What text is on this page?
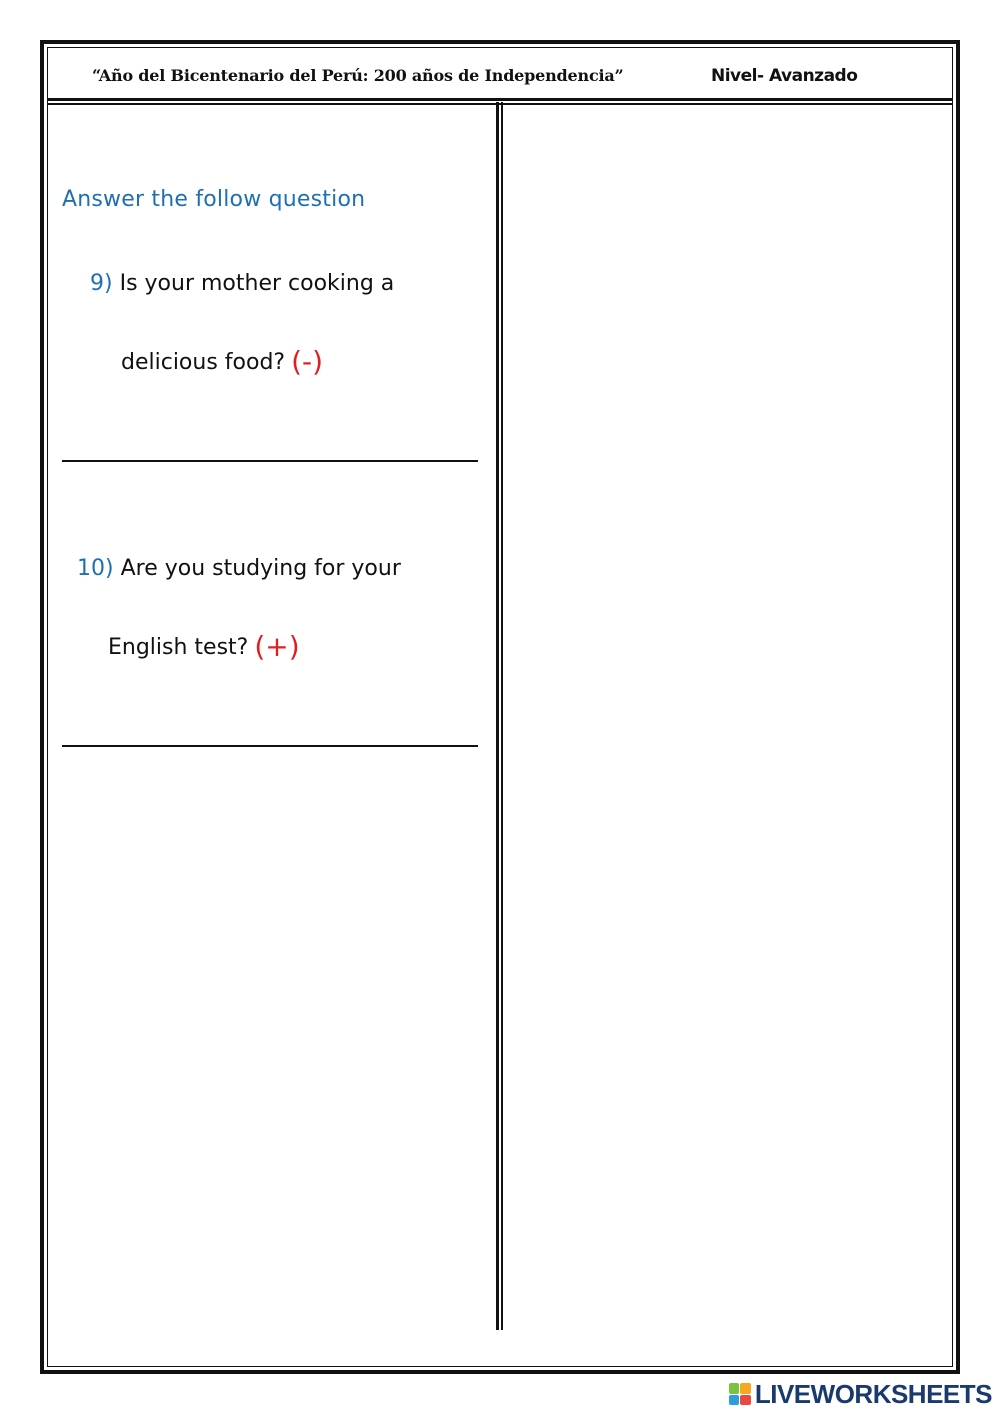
“Año del Bicentenario del Perú: 200 años de Independencia”	Nivel- Avanzado
Answer the follow question
9) Is your mother cooking a
delicious food? (-)
10) Are you studying for your
English test? (+)
LIVEWORKSHEETS
